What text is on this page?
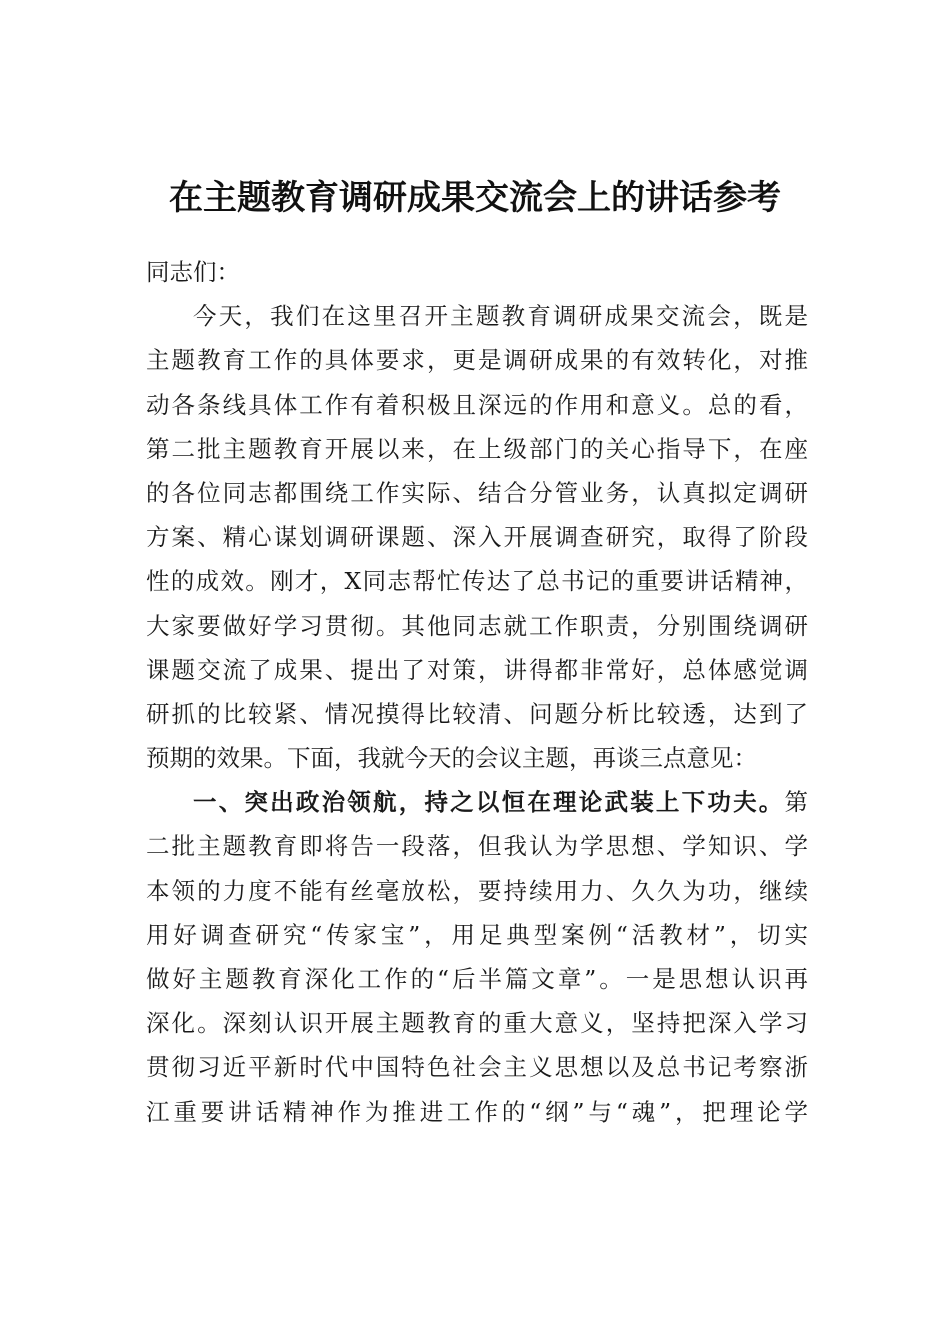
在主题教育调研成果交流会上的讲话参考
同志们：
今天，我们在这里召开主题教育调研成果交流会，既是
主题教育工作的具体要求，更是调研成果的有效转化，对推
动各条线具体工作有着积极且深远的作用和意义。总的看，
第二批主题教育开展以来，在上级部门的关心指导下，在座
的各位同志都围绕工作实际、结合分管业务，认真拟定调研
方案、精心谋划调研课题、深入开展调查研究，取得了阶段
性的成效。刚才，X同志帮忙传达了总书记的重要讲话精神，
大家要做好学习贯彻。其他同志就工作职责，分别围绕调研
课题交流了成果、提出了对策，讲得都非常好，总体感觉调
研抓的比较紧、情况摸得比较清、问题分析比较透，达到了
预期的效果。下面，我就今天的会议主题，再谈三点意见：
一、突出政治领航，持之以恒在理论武装上下功夫。第
二批主题教育即将告一段落，但我认为学思想、学知识、学
本领的力度不能有丝毫放松，要持续用力、久久为功，继续
用好调查研究“传家宝”，用足典型案例“活教材”，切实
做好主题教育深化工作的“后半篇文章”。一是思想认识再
深化。深刻认识开展主题教育的重大意义，坚持把深入学习
贯彻习近平新时代中国特色社会主义思想以及总书记考察浙
江重要讲话精神作为推进工作的“纲”与“魂”，把理论学
